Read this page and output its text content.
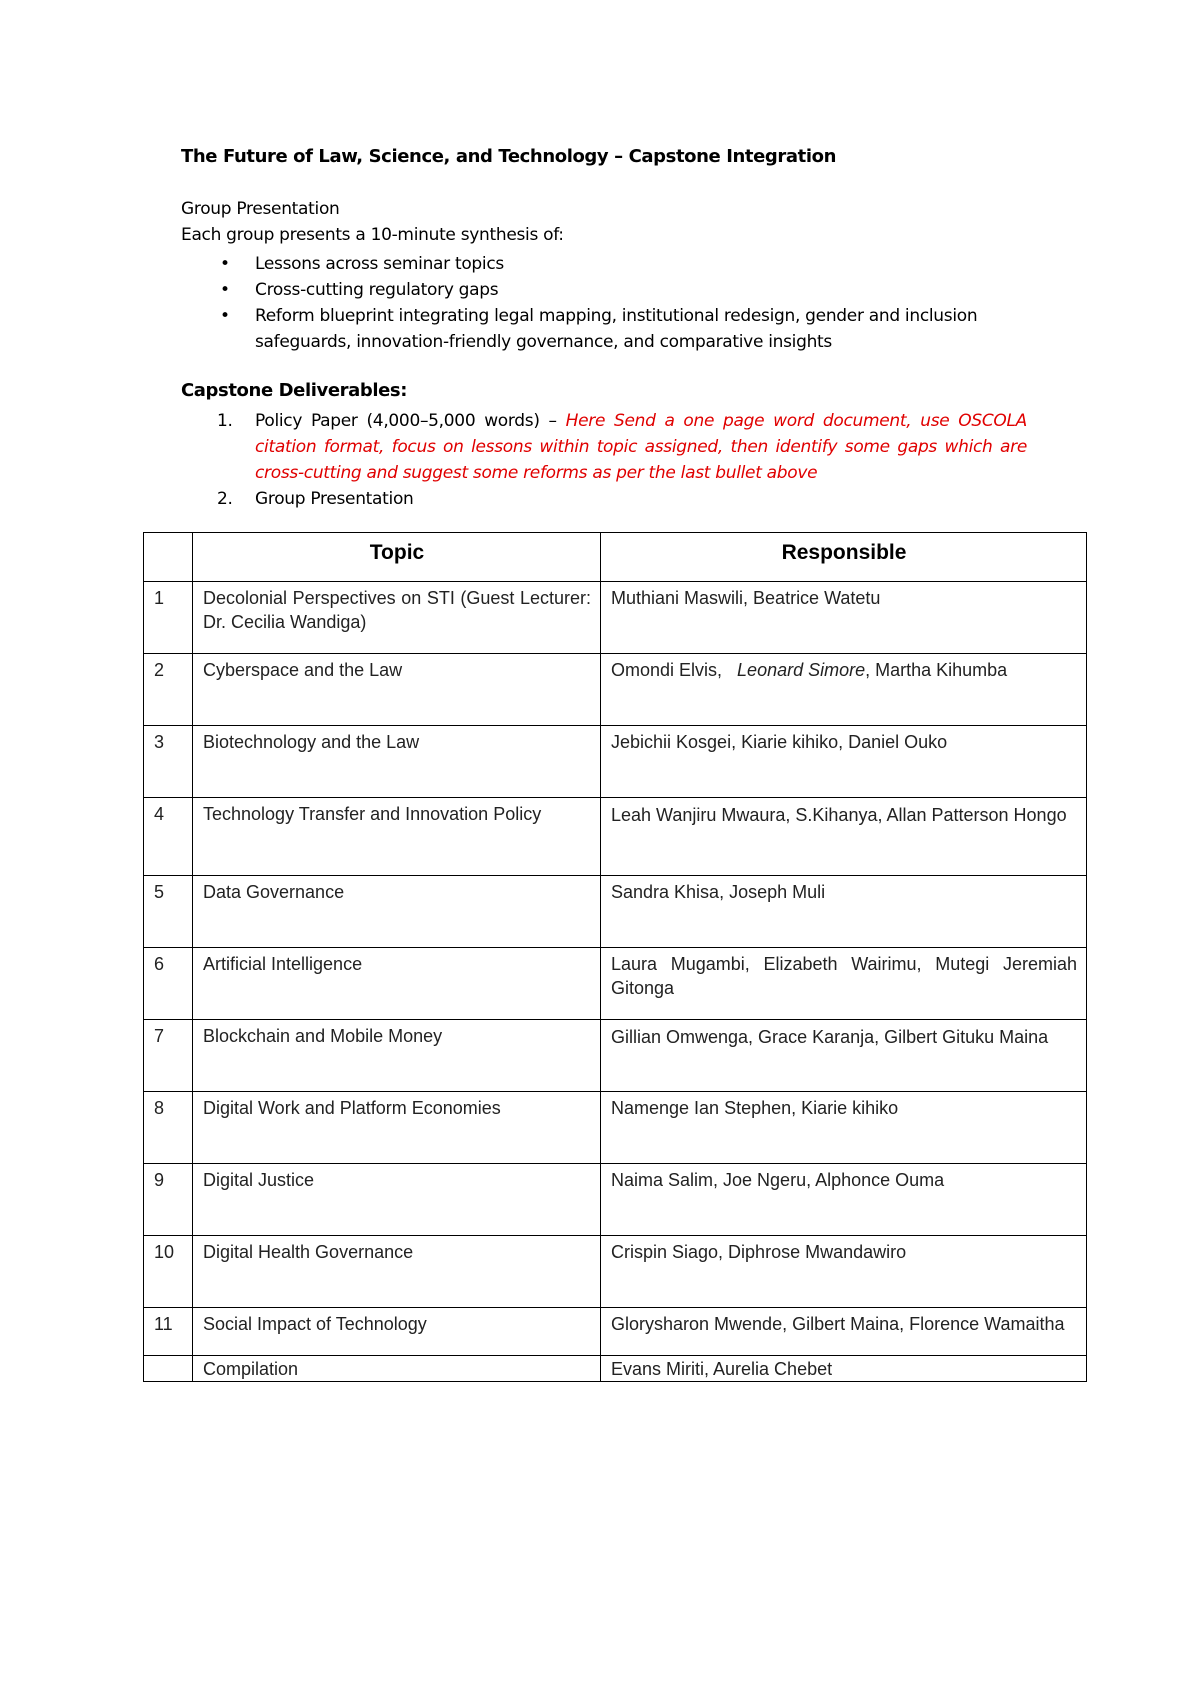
The Future of Law, Science, and Technology – Capstone Integration
Group Presentation
Each group presents a 10-minute synthesis of:
• Lessons across seminar topics
• Cross-cutting regulatory gaps
• Reform blueprint integrating legal mapping, institutional redesign, gender and inclusion safeguards, innovation-friendly governance, and comparative insights
Capstone Deliverables:
1. Policy Paper (4,000–5,000 words) – Here Send a one page word document, use OSCOLA citation format, focus on lessons within topic assigned, then identify some gaps which are cross-cutting and suggest some reforms as per the last bullet above
2. Group Presentation
	Topic	Responsible
1	Decolonial Perspectives on STI (Guest Lecturer: Dr. Cecilia Wandiga)	Muthiani Maswili, Beatrice Watetu
2	Cyberspace and the Law	Omondi Elvis,   Leonard Simore, Martha Kihumba
3	Biotechnology and the Law	Jebichii Kosgei, Kiarie kihiko, Daniel Ouko
4	Technology Transfer and Innovation Policy	Leah Wanjiru Mwaura, S.Kihanya, Allan Patterson Hongo
5	Data Governance	Sandra Khisa, Joseph Muli
6	Artificial Intelligence	Laura Mugambi, Elizabeth Wairimu, Mutegi Jeremiah Gitonga
7	Blockchain and Mobile Money	Gillian Omwenga, Grace Karanja, Gilbert Gituku Maina
8	Digital Work and Platform Economies	Namenge Ian Stephen, Kiarie kihiko
9	Digital Justice	Naima Salim, Joe Ngeru, Alphonce Ouma
10	Digital Health Governance	Crispin Siago, Diphrose Mwandawiro
11	Social Impact of Technology	Glorysharon Mwende, Gilbert Maina, Florence Wamaitha
	Compilation	Evans Miriti, Aurelia Chebet
